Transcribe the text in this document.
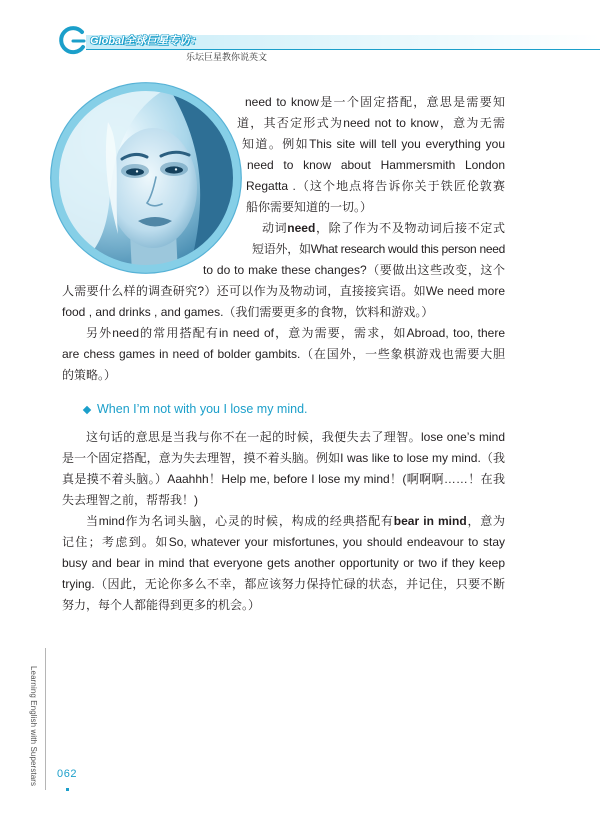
Global全球巨星专访：
乐坛巨星教你说英文
need to know是一个固定搭配，意思是需要知
道，其否定形式为need not to know，意为无需
知道。例如This site will tell you everything you
need to know about Hammersmith London
Regatta .（这个地点将告诉你关于铁匠伦敦赛
船你需要知道的一切。）
动词need，除了作为不及物动词后接不定式
短语外，如What research would this person need
to do to make these changes?（要做出这些改变，这个
人需要什么样的调查研究?）还可以作为及物动词，直接接宾语。如We need more
food , and drinks , and games.（我们需要更多的食物，饮料和游戏。）
另外need的常用搭配有in need of，意为需要，需求，如Abroad, too, there
are chess games in need of bolder gambits.（在国外，一些象棋游戏也需要大胆
的策略。）
When I’m not with you I lose my mind.
这句话的意思是当我与你不在一起的时候，我便失去了理智。lose one’s mind
是一个固定搭配，意为失去理智，摸不着头脑。例如I was like to lose my mind.（我
真是摸不着头脑。）Aaahhh！Help me, before I lose my mind！(啊啊啊……！在我
失去理智之前，帮帮我！)
当mind作为名词头脑，心灵的时候，构成的经典搭配有bear in mind，意为
记住；考虑到。如So, whatever your misfortunes, you should endeavour to stay
busy and bear in mind that everyone gets another opportunity or two if they keep
trying.（因此，无论你多么不幸，都应该努力保持忙碌的状态，并记住，只要不断
努力，每个人都能得到更多的机会。）
Learning English with Superstars 062
